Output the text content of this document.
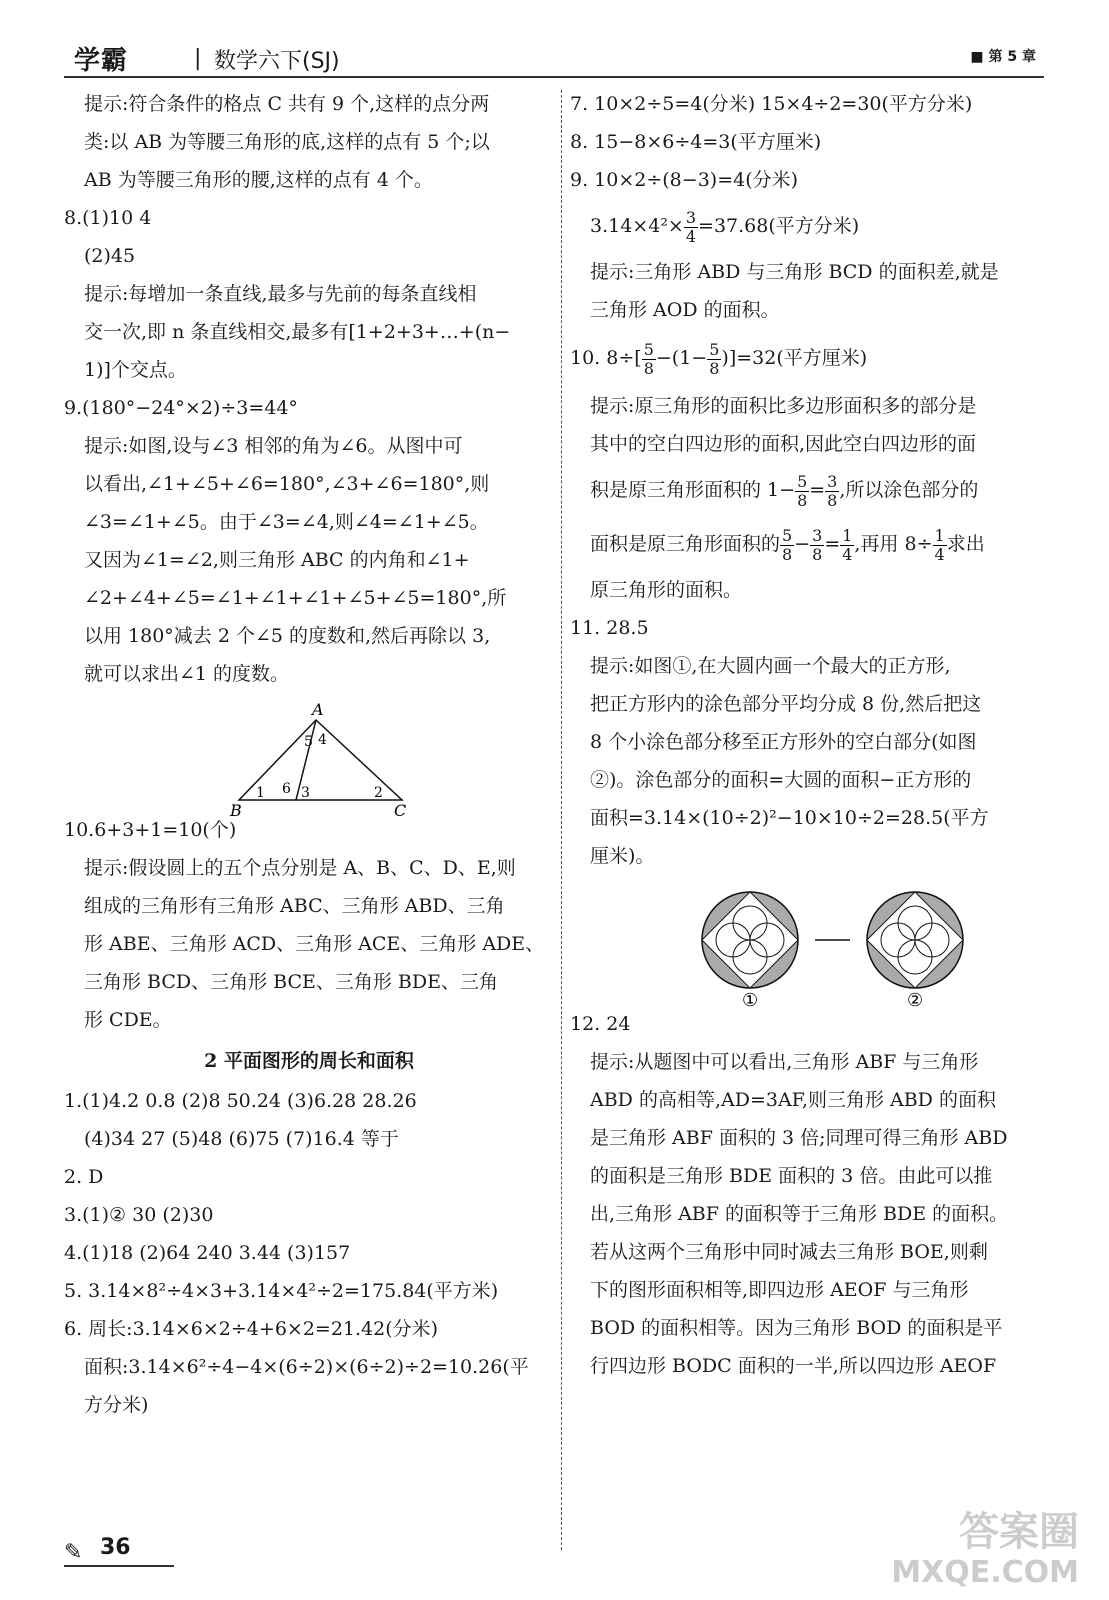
学霸	| 数学六下(SJ)	■ 第 5 章
提示:符合条件的格点 C 共有 9 个,这样的点分两
类:以 AB 为等腰三角形的底,这样的点有 5 个;以
AB 为等腰三角形的腰,这样的点有 4 个。
8.(1)10 4
(2)45
提示:每增加一条直线,最多与先前的每条直线相
交一次,即 n 条直线相交,最多有[1+2+3+…+(n−
1)]个交点。
9.(180°−24°×2)÷3=44°
提示:如图,设与∠3 相邻的角为∠6。从图中可
以看出,∠1+∠5+∠6=180°,∠3+∠6=180°,则
∠3=∠1+∠5。由于∠3=∠4,则∠4=∠1+∠5。
又因为∠1=∠2,则三角形 ABC 的内角和∠1+
∠2+∠4+∠5=∠1+∠1+∠1+∠5+∠5=180°,所
以用 180°减去 2 个∠5 的度数和,然后再除以 3,
就可以求出∠1 的度数。
A
B	C
1	2
3
4
5
6
10.6+3+1=10(个)
提示:假设圆上的五个点分别是 A、B、C、D、E,则
组成的三角形有三角形 ABC、三角形 ABD、三角
形 ABE、三角形 ACD、三角形 ACE、三角形 ADE、
三角形 BCD、三角形 BCE、三角形 BDE、三角
形 CDE。
2 平面图形的周长和面积
1.(1)4.2 0.8 (2)8 50.24 (3)6.28 28.26
(4)34 27 (5)48 (6)75 (7)16.4 等于
2. D
3.(1)② 30 (2)30
4.(1)18 (2)64 240 3.44 (3)157
5. 3.14×8²÷4×3+3.14×4²÷2=175.84(平方米)
6. 周长:3.14×6×2÷4+6×2=21.42(分米)
面积:3.14×6²÷4−4×(6÷2)×(6÷2)÷2=10.26(平
方分米)
7. 10×2÷5=4(分米) 15×4÷2=30(平方分米)
8. 15−8×6÷4=3(平方厘米)
9. 10×2÷(8−3)=4(分米)
$3.14\times 4^2\times \frac{3}{4} =37.68$(平方分米)
提示:三角形 ABD 与三角形 BCD 的面积差,就是
三角形 AOD 的面积。
10. $8\div[ \frac{5}{8} -(1- \frac{5}{8} )]=32$(平方厘米)
提示:原三角形的面积比多边形面积多的部分是
其中的空白四边形的面积,因此空白四边形的面
积是原三角形面积的 $1- \frac{5}{8} = \frac{3}{8}$ ,所以涂色部分的
面积是原三角形面积的 $\frac{5}{8} - \frac{3}{8} = \frac{1}{4}$ ,再用 $8\div \frac{1}{4}$ 求出
原三角形的面积。
11. 28.5
提示:如图①,在大圆内画一个最大的正方形,
把正方形内的涂色部分平均分成 8 份,然后把这
8 个小涂色部分移至正方形外的空白部分(如图
②)。涂色部分的面积=大圆的面积−正方形的
面积=3.14×(10÷2)²−10×10÷2=28.5(平方
厘米)。
①	②
12. 24
提示:从题图中可以看出,三角形 ABF 与三角形
ABD 的高相等,AD=3AF,则三角形 ABD 的面积
是三角形 ABF 面积的 3 倍;同理可得三角形 ABD
的面积是三角形 BDE 面积的 3 倍。由此可以推
出,三角形 ABF 的面积等于三角形 BDE 的面积。
若从这两个三角形中同时减去三角形 BOE,则剩
下的图形面积相等,即四边形 AEOF 与三角形
BOD 的面积相等。因为三角形 BOD 的面积是平
行四边形 BODC 面积的一半,所以四边形 AEOF
✎ 36	答案圈
MXQE.COM
